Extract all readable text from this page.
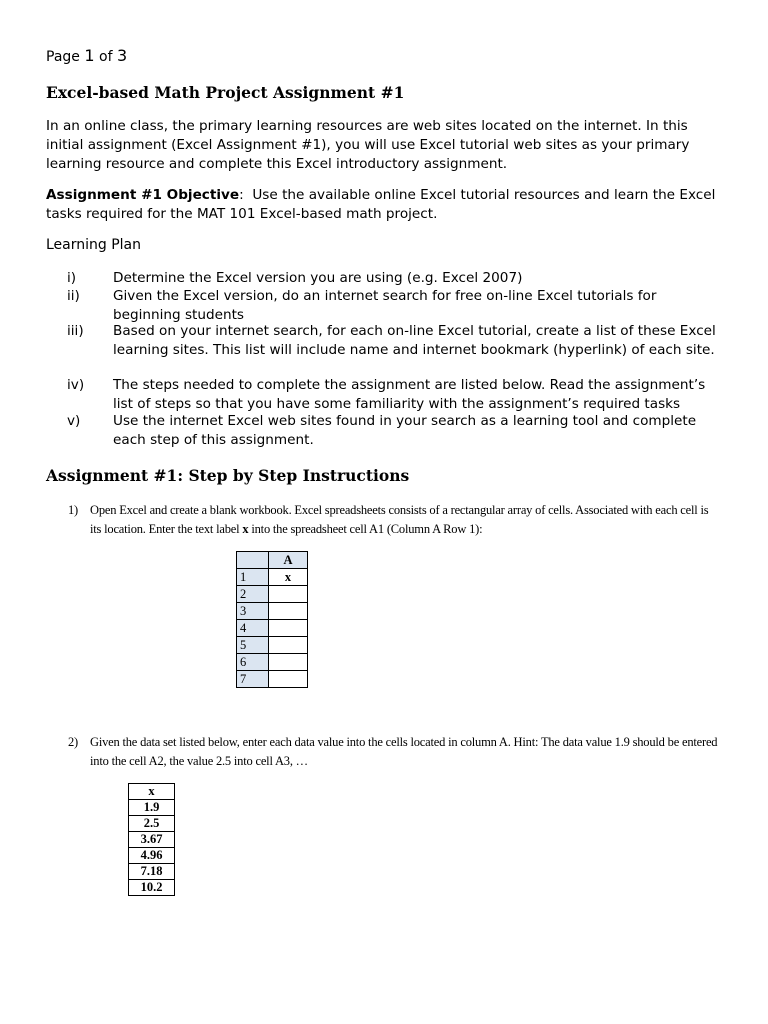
Page 1 of 3
Excel-based Math Project Assignment #1
In an online class, the primary learning resources are web sites located on the internet. In this initial assignment (Excel Assignment #1), you will use Excel tutorial web sites as your primary learning resource and complete this Excel introductory assignment.
Assignment #1 Objective: Use the available online Excel tutorial resources and learn the Excel tasks required for the MAT 101 Excel-based math project.
Learning Plan
i)	Determine the Excel version you are using (e.g. Excel 2007)
ii) Given the Excel version, do an internet search for free on-line Excel tutorials for beginning students
iii) Based on your internet search, for each on-line Excel tutorial, create a list of these Excel learning sites. This list will include name and internet bookmark (hyperlink) of each site.
iv) The steps needed to complete the assignment are listed below. Read the assignment’s list of steps so that you have some familiarity with the assignment’s required tasks
v) Use the internet Excel web sites found in your search as a learning tool and complete each step of this assignment.
Assignment #1: Step by Step Instructions
1) Open Excel and create a blank workbook. Excel spreadsheets consists of a rectangular array of cells. Associated with each cell is its location. Enter the text label x into the spreadsheet cell A1 (Column A Row 1):
	A
1	x
2	
3	
4	
5	
6	
7	
2) Given the data set listed below, enter each data value into the cells located in column A. Hint: The data value 1.9 should be entered into the cell A2, the value 2.5 into cell A3, …
x
1.9
2.5
3.67
4.96
7.18
10.2
